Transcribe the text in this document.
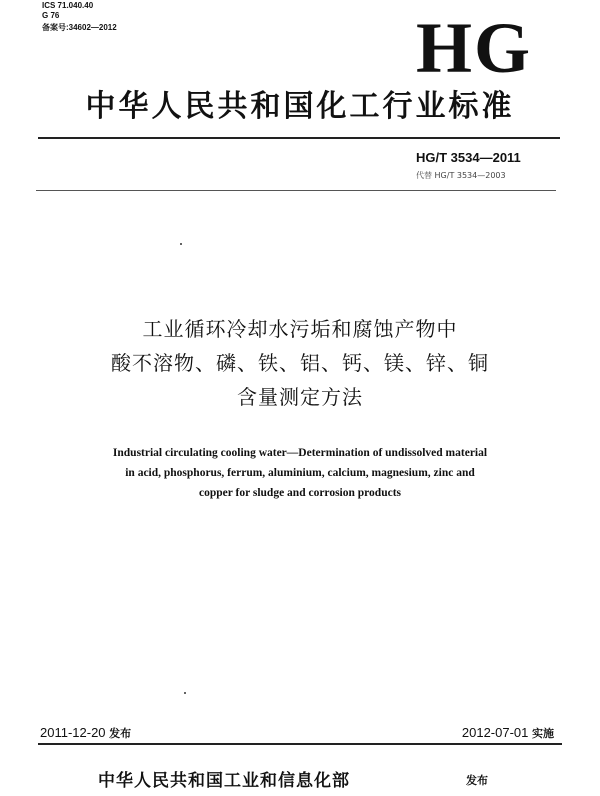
ICS 71.040.40
G 76
备案号:34602—2012	HG
中华人民共和国化工行业标准
HG/T 3534—2011
代替 HG/T 3534—2003
工业循环冷却水污垢和腐蚀产物中
酸不溶物、磷、铁、铝、钙、镁、锌、铜
含量测定方法
Industrial circulating cooling water—Determination of undissolved material
in acid, phosphorus, ferrum, aluminium, calcium, magnesium, zinc and
copper for sludge and corrosion products
2011-12-20 发布	2012-07-01 实施
中华人民共和国工业和信息化部	发布
